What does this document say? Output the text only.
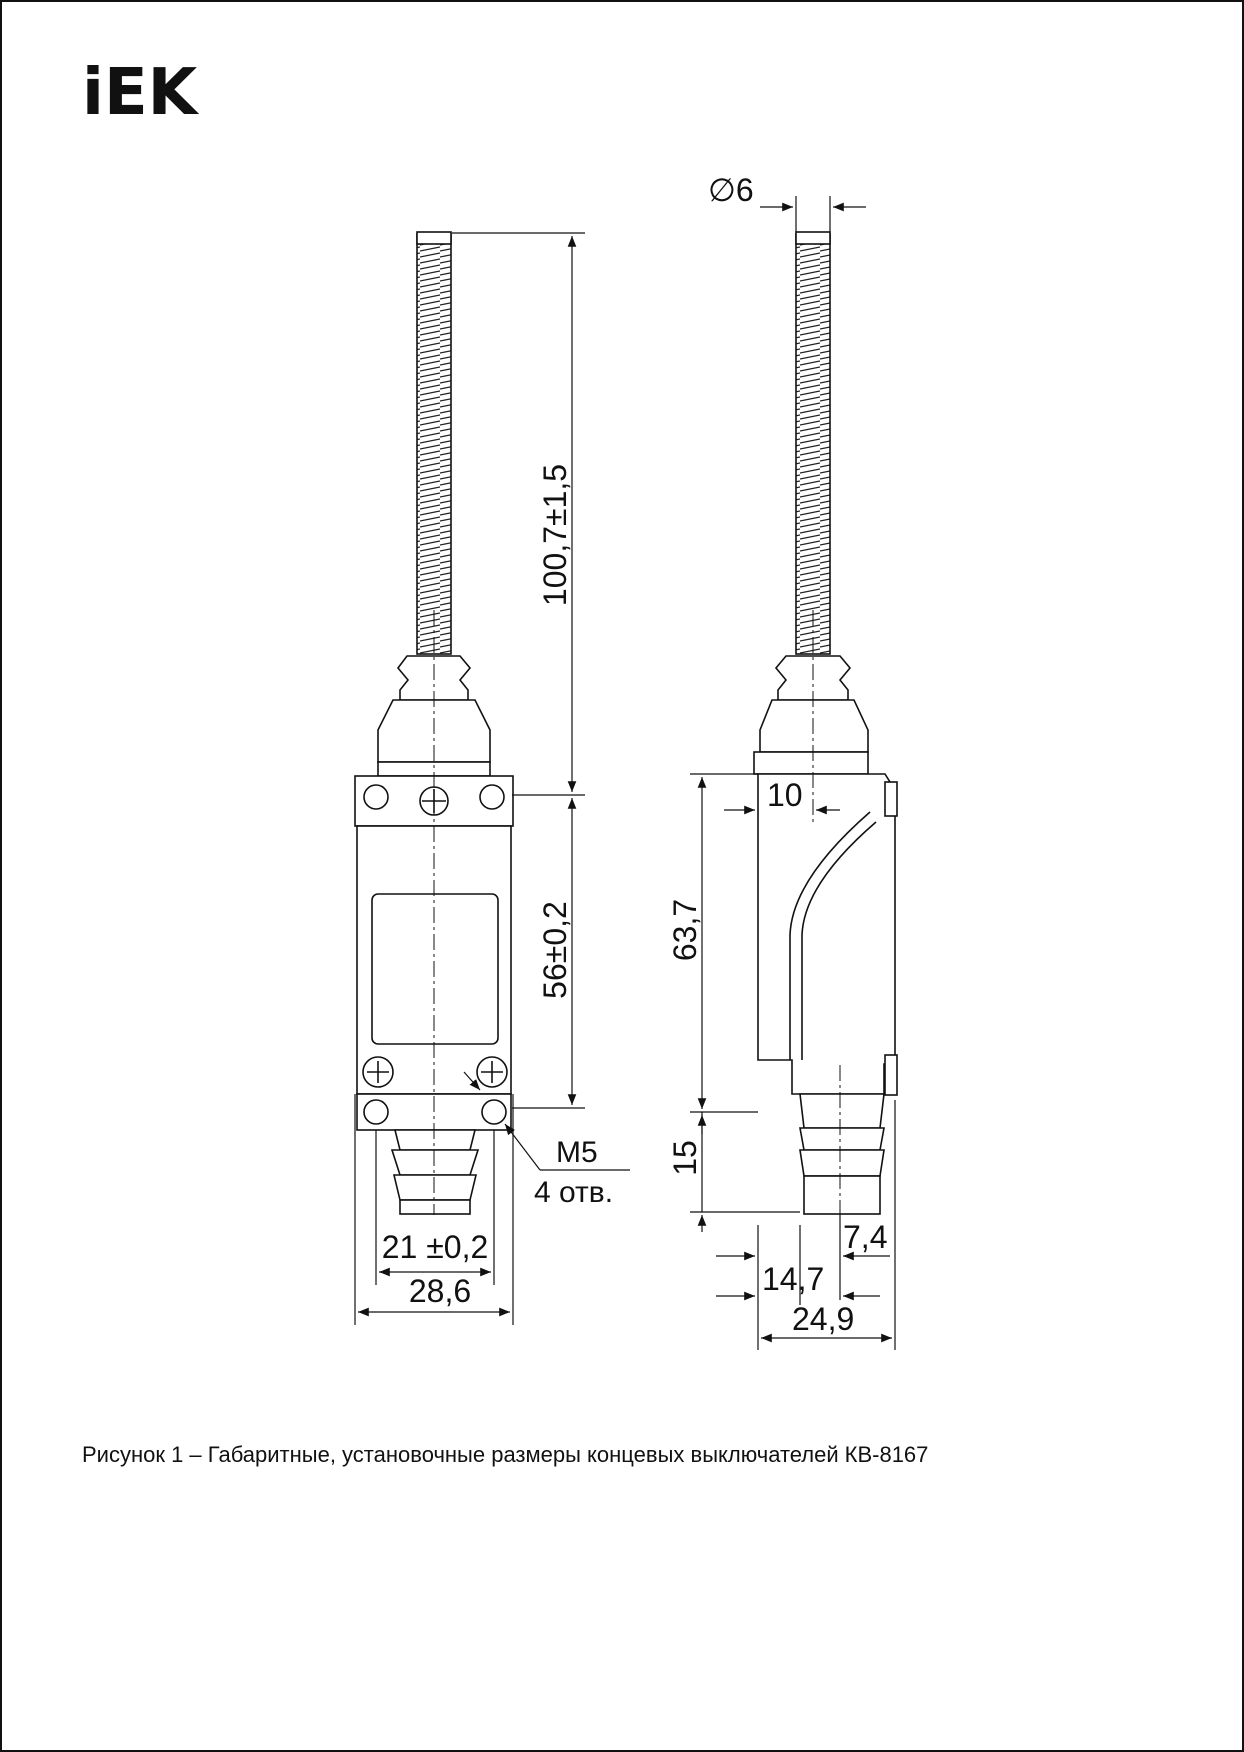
iEK
100,7±1,5
56±0,2
21 ±0,2
28,6
M5
4 отв.
∅6
10
63,7
15
7,4
14,7
24,9
Рисунок 1 – Габаритные, установочные размеры концевых выключателей КВ-8167
